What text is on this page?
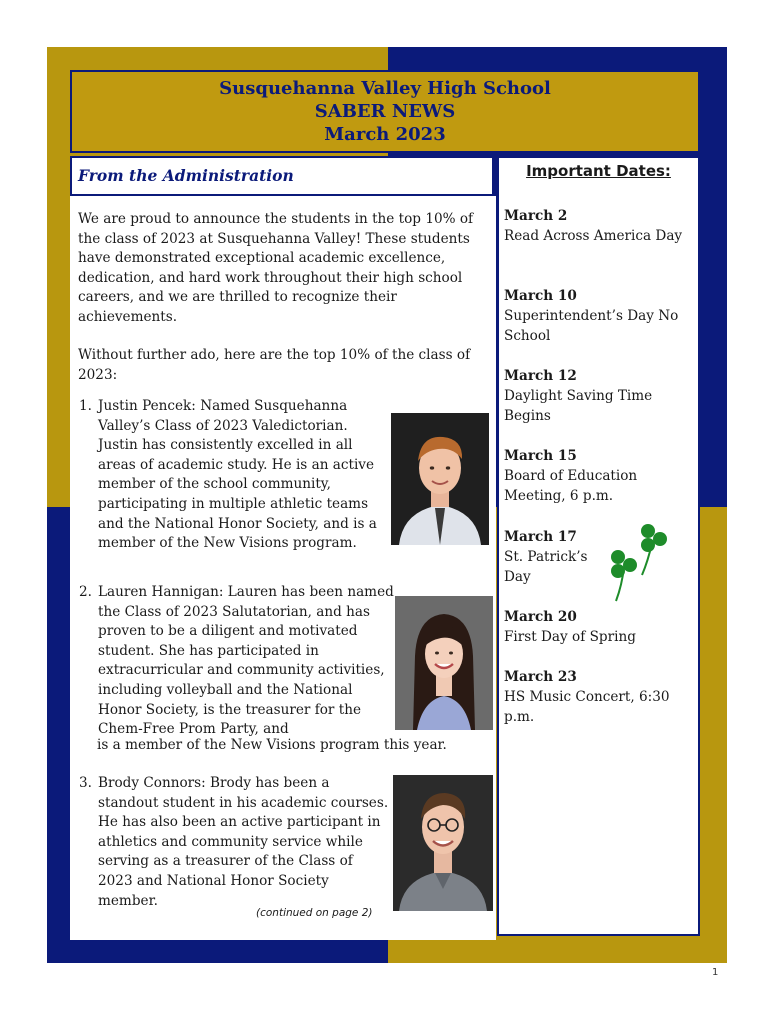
Susquehanna Valley High School
SABER NEWS
March 2023
From the Administration
We are proud to announce the students in the top 10% of the class of 2023 at Susquehanna Valley! These students have demonstrated exceptional academic excellence, dedication, and hard work throughout their high school careers, and we are thrilled to recognize their achievements.
Without further ado, here are the top 10% of the class of 2023:
1. Justin Pencek: Named Susquehanna Valley’s Class of 2023 Valedictorian. Justin has consistently excelled in all areas of academic study. He is an active member of the school community, participating in multiple athletic teams and the National Honor Society, and is a member of the New Visions program.
2. Lauren Hannigan: Lauren has been named the Class of 2023 Salutatorian, and has proven to be a diligent and motivated student. She has participated in extracurricular and community activities, including volleyball and the National Honor Society, is the treasurer for the Chem-Free Prom Party, and
is a member of the New Visions program this year.
3. Brody Connors: Brody has been a standout student in his academic courses. He has also been an active participant in athletics and community service while serving as a treasurer of the Class of 2023 and National Honor Society member.
(continued on page 2)
Important Dates:
March 2
Read Across America Day
March 10
Superintendent’s Day No School
March 12
Daylight Saving Time Begins
March 15
Board of Education Meeting, 6 p.m.
March 17
St. Patrick’s Day
March 20
First Day of Spring
March 23
HS Music Concert, 6:30 p.m.
1
